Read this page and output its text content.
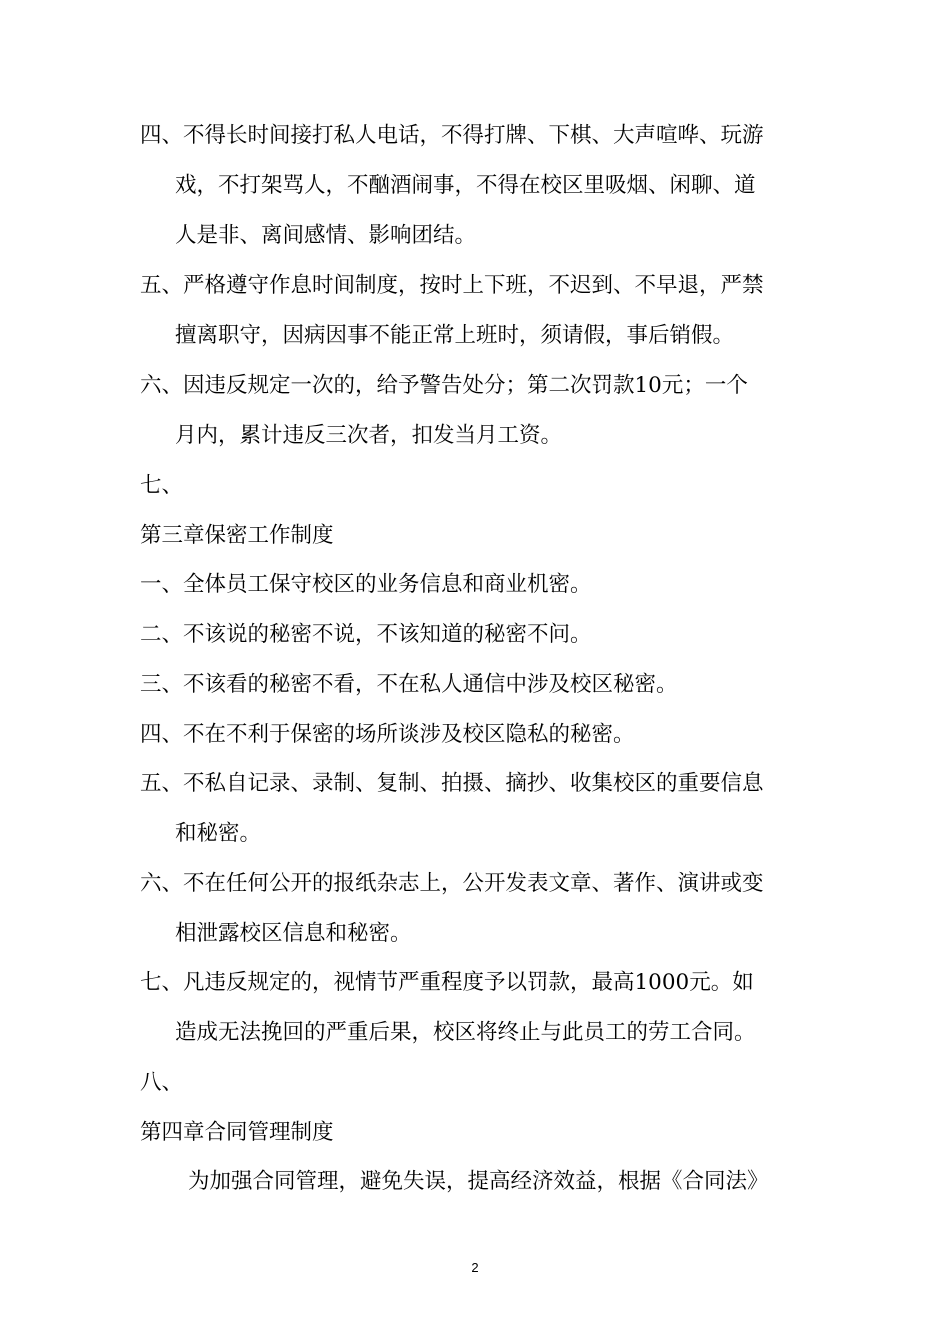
四、不得长时间接打私人电话，不得打牌、下棋、大声喧哗、玩游
戏，不打架骂人，不酗酒闹事，不得在校区里吸烟、闲聊、道
人是非、离间感情、影响团结。
五、严格遵守作息时间制度，按时上下班，不迟到、不早退，严禁
擅离职守，因病因事不能正常上班时，须请假，事后销假。
六、因违反规定一次的，给予警告处分；第二次罚款10元；一个
月内，累计违反三次者，扣发当月工资。
七、
第三章保密工作制度
一、全体员工保守校区的业务信息和商业机密。
二、不该说的秘密不说，不该知道的秘密不问。
三、不该看的秘密不看，不在私人通信中涉及校区秘密。
四、不在不利于保密的场所谈涉及校区隐私的秘密。
五、不私自记录、录制、复制、拍摄、摘抄、收集校区的重要信息
和秘密。
六、不在任何公开的报纸杂志上，公开发表文章、著作、演讲或变
相泄露校区信息和秘密。
七、凡违反规定的，视情节严重程度予以罚款，最高1000元。如
造成无法挽回的严重后果，校区将终止与此员工的劳工合同。
八、
第四章合同管理制度
为加强合同管理，避免失误，提高经济效益，根据《合同法》
2
